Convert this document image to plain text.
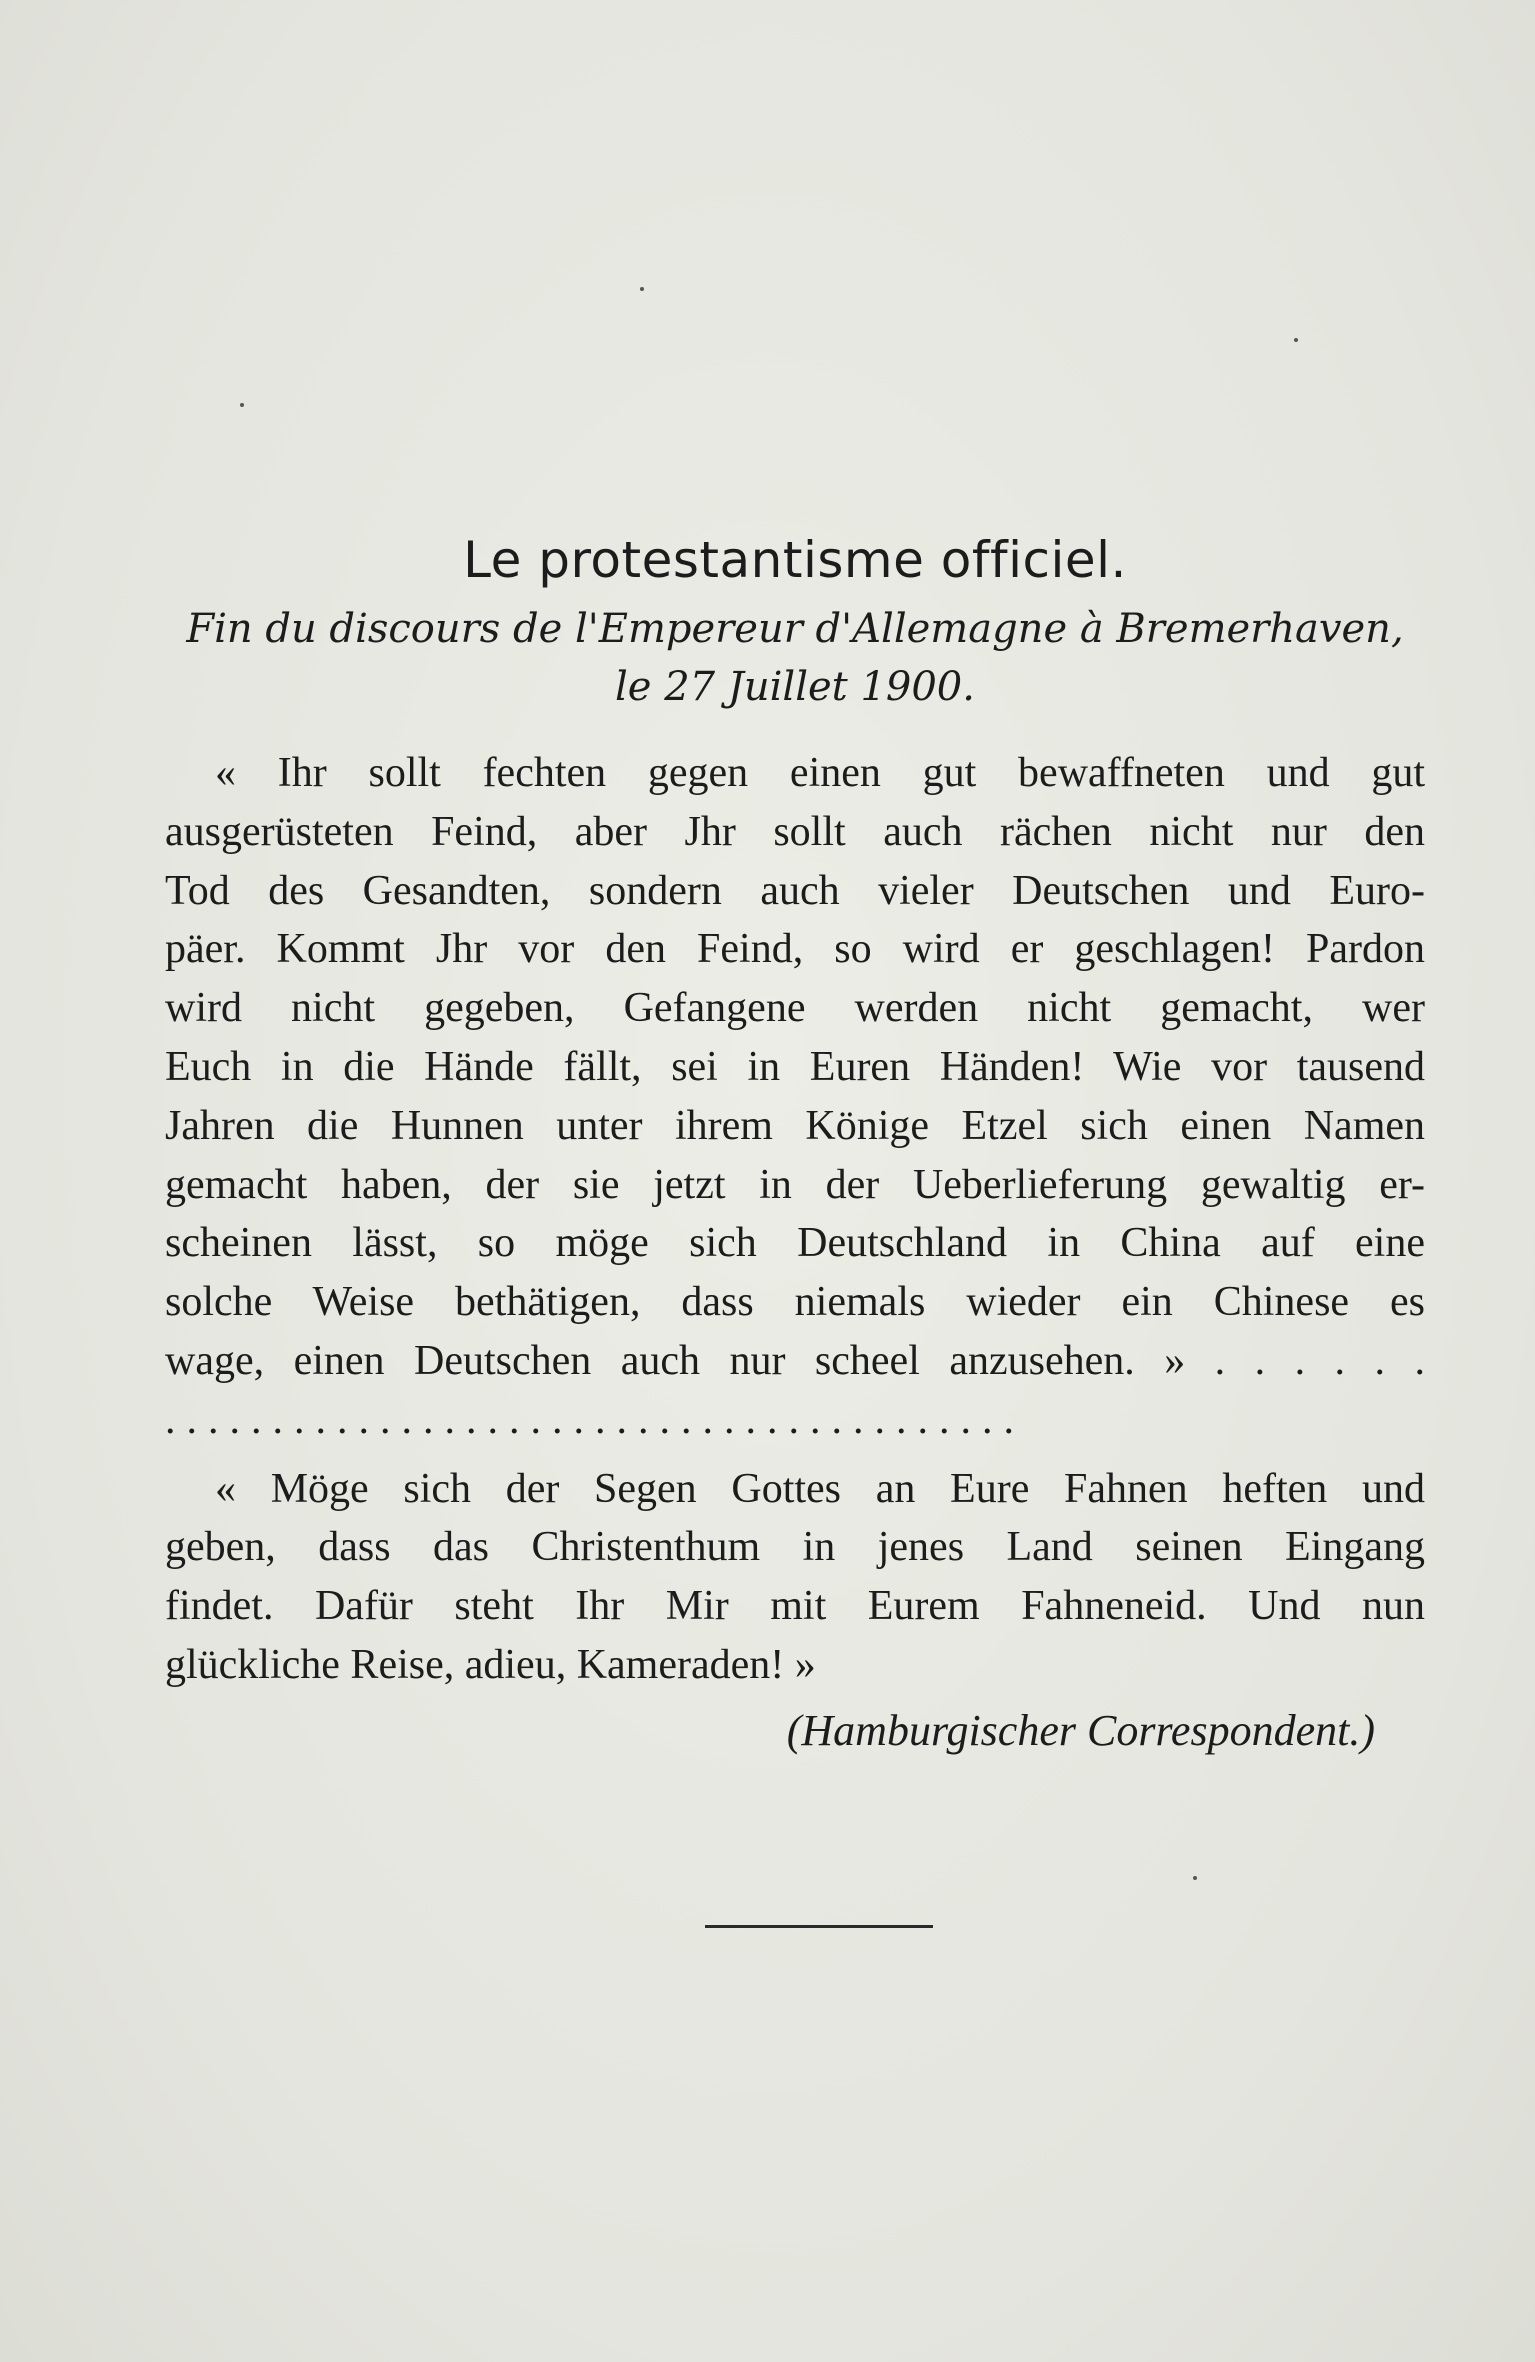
Le protestantisme officiel.
Fin du discours de l'Empereur d'Allemagne à Bremerhaven,
le 27 Juillet 1900.
« Ihr sollt fechten gegen einen gut bewaffneten und gut
ausgerüsteten Feind, aber Jhr sollt auch rächen nicht nur den
Tod des Gesandten, sondern auch vieler Deutschen und Euro-
päer. Kommt Jhr vor den Feind, so wird er geschlagen! Pardon
wird nicht gegeben, Gefangene werden nicht gemacht, wer
Euch in die Hände fällt, sei in Euren Händen! Wie vor tausend
Jahren die Hunnen unter ihrem Könige Etzel sich einen Namen
gemacht haben, der sie jetzt in der Ueberlieferung gewaltig er-
scheinen lässt, so möge sich Deutschland in China auf eine
solche Weise bethätigen, dass niemals wieder ein Chinese es
wage, einen Deutschen auch nur scheel anzusehen. » . . . . . .
........................................
« Möge sich der Segen Gottes an Eure Fahnen heften und
geben, dass das Christenthum in jenes Land seinen Eingang
findet. Dafür steht Ihr Mir mit Eurem Fahneneid. Und nun
glückliche Reise, adieu, Kameraden! »
(Hamburgischer Correspondent.)
